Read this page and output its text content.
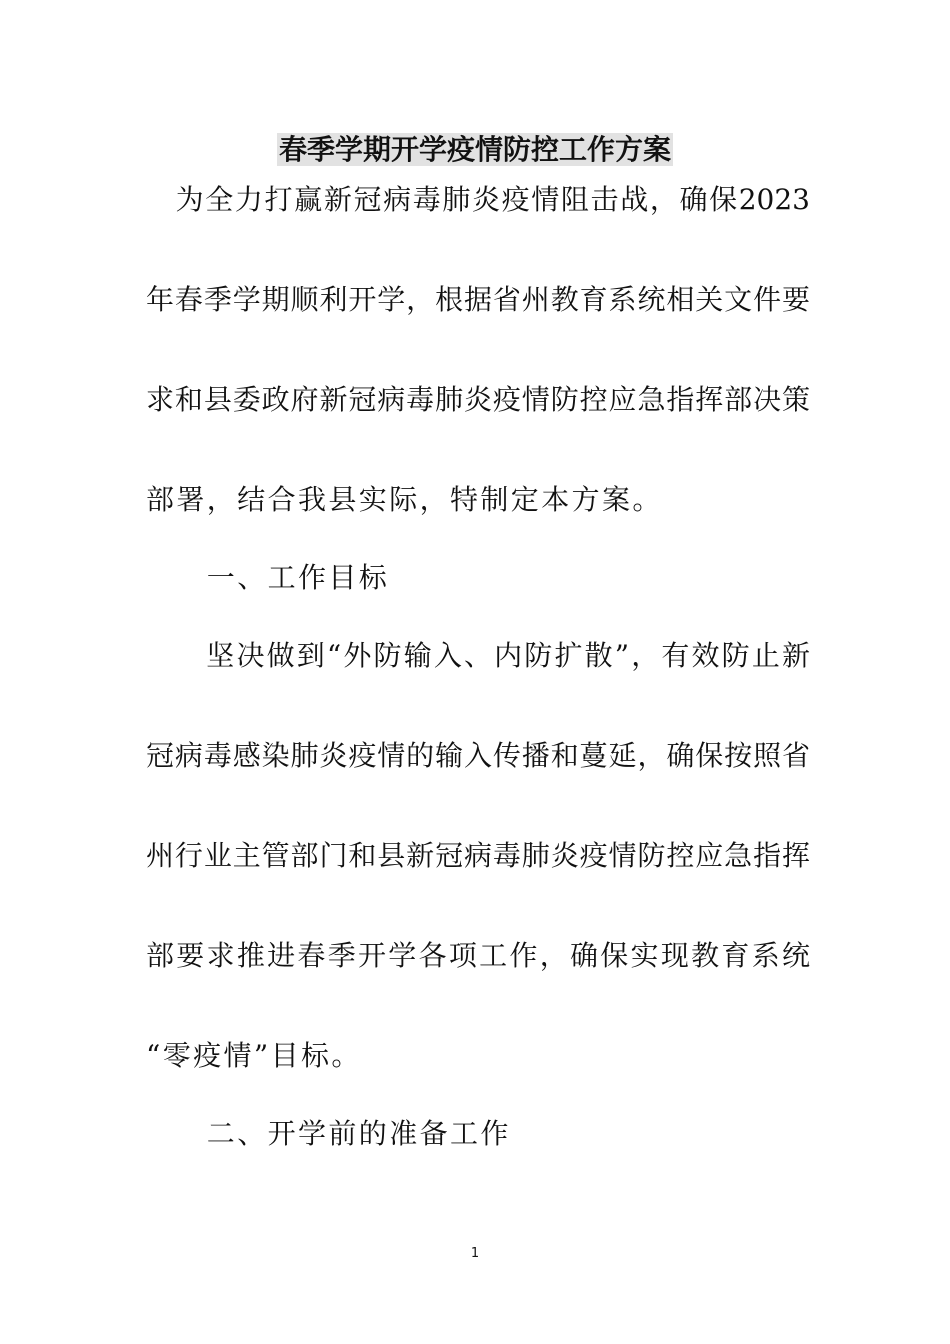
春季学期开学疫情防控工作方案
　为全力打赢新冠病毒肺炎疫情阻击战，确保2023
年春季学期顺利开学，根据省州教育系统相关文件要
求和县委政府新冠病毒肺炎疫情防控应急指挥部决策
部署，结合我县实际，特制定本方案。
　　一、工作目标
　　坚决做到“外防输入、内防扩散”，有效防止新
冠病毒感染肺炎疫情的输入传播和蔓延，确保按照省
州行业主管部门和县新冠病毒肺炎疫情防控应急指挥
部要求推进春季开学各项工作，确保实现教育系统
“零疫情”目标。
　　二、开学前的准备工作
1
